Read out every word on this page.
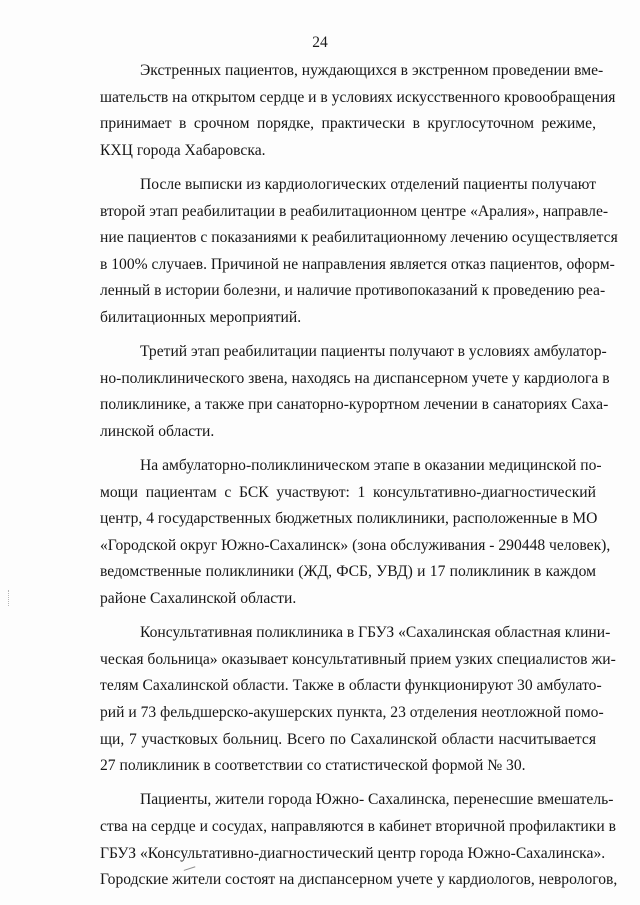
24

Экстренных пациентов, нуждающихся в экстренном проведении вме-
шательств на открытом сердце и в условиях искусственного кровообращения
принимает в срочном порядке, практически в круглосуточном режиме,
КХЦ города Хабаровска.

После выписки из кардиологических отделений пациенты получают
второй этап реабилитации в реабилитационном центре «Аралия», направле-
ние пациентов с показаниями к реабилитационному лечению осуществляется
в 100% случаев. Причиной не направления является отказ пациентов, оформ-
ленный в истории болезни, и наличие противопоказаний к проведению реа-
билитационных мероприятий.

Третий этап реабилитации пациенты получают в условиях амбулатор-
но-поликлинического звена, находясь на диспансерном учете у кардиолога в
поликлинике, а также при санаторно-курортном лечении в санаториях Саха-
линской области.

На амбулаторно-поликлиническом этапе в оказании медицинской по-
мощи пациентам с БСК участвуют: 1 консультативно-диагностический
центр, 4 государственных бюджетных поликлиники, расположенные в МО
«Городской округ Южно-Сахалинск» (зона обслуживания - 290448 человек),
ведомственные поликлиники (ЖД, ФСБ, УВД) и 17 поликлиник в каждом
районе Сахалинской области.

Консультативная поликлиника в ГБУЗ «Сахалинская областная клини-
ческая больница» оказывает консультативный прием узких специалистов жи-
телям Сахалинской области. Также в области функционируют 30 амбулато-
рий и 73 фельдшерско-акушерских пункта, 23 отделения неотложной помо-
щи, 7 участковых больниц. Всего по Сахалинской области насчитывается
27 поликлиник в соответствии со статистической формой № 30.

Пациенты, жители города Южно- Сахалинска, перенесшие вмешатель-
ства на сердце и сосудах, направляются в кабинет вторичной профилактики в
ГБУЗ «Консультативно-диагностический центр города Южно-Сахалинска».
Городские жители состоят на диспансерном учете у кардиологов, неврологов,
